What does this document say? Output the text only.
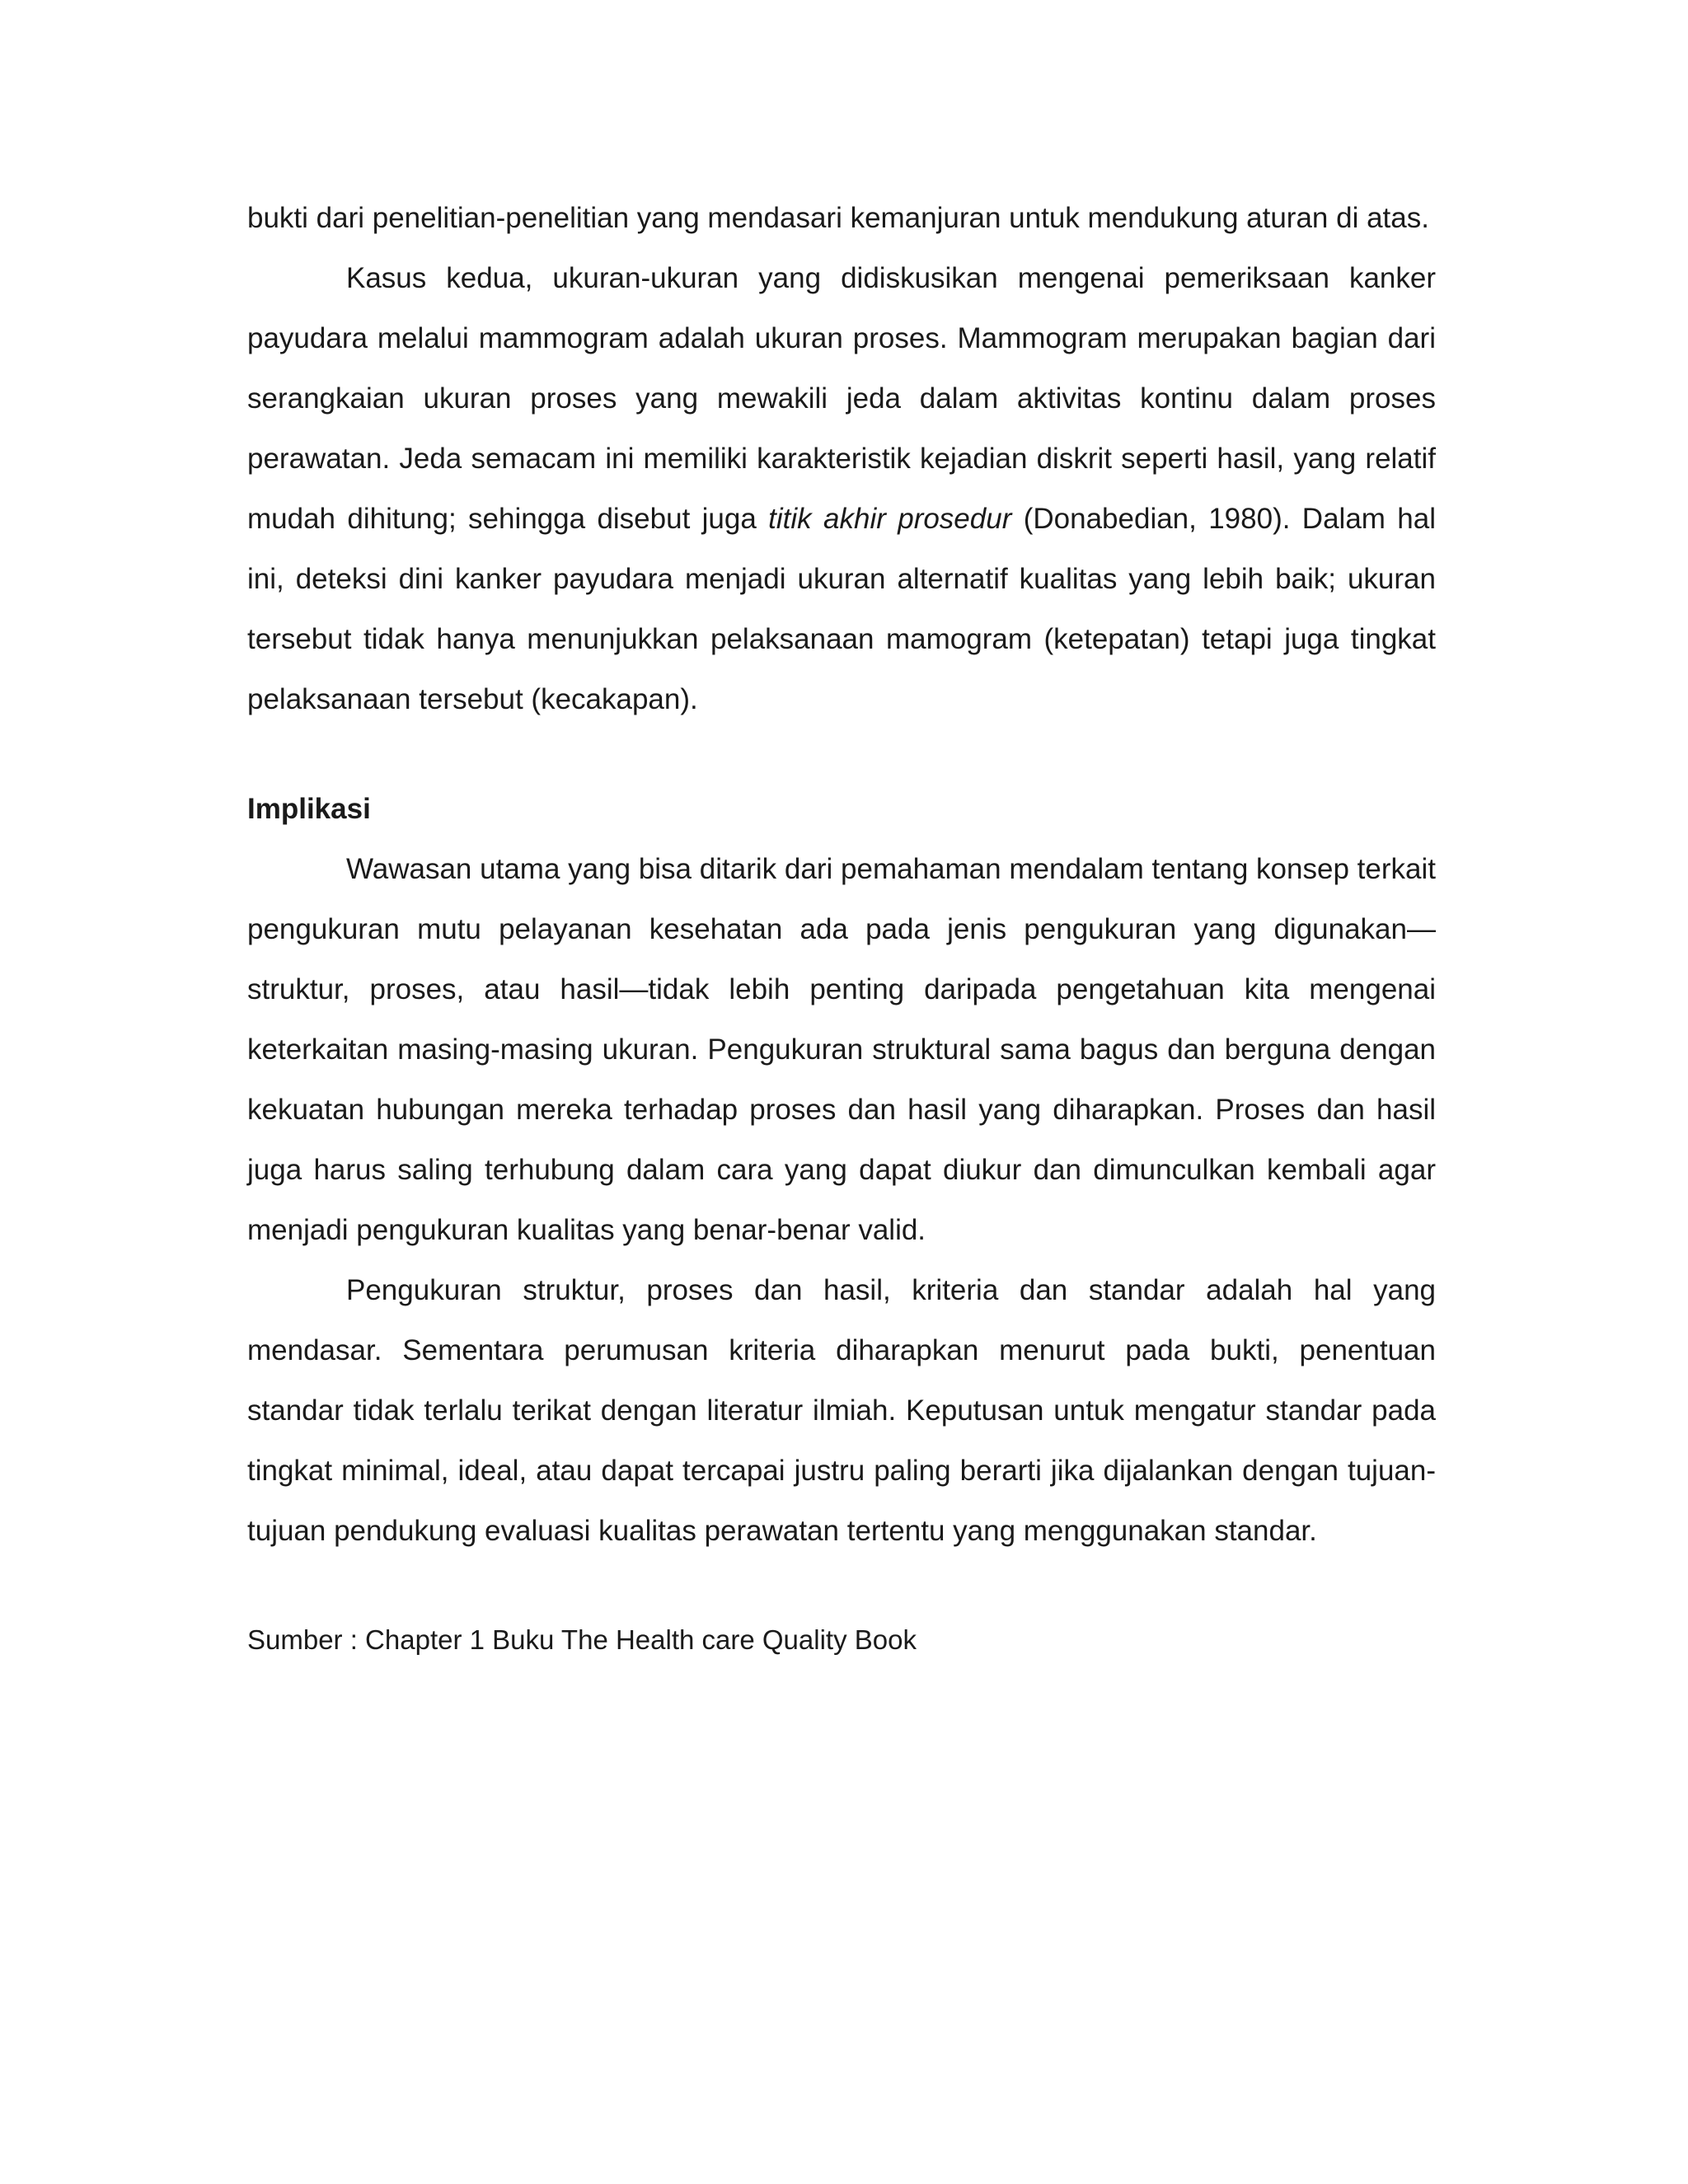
bukti dari penelitian-penelitian yang mendasari kemanjuran untuk mendukung aturan di atas.

Kasus kedua, ukuran-ukuran yang didiskusikan mengenai pemeriksaan kanker payudara melalui mammogram adalah ukuran proses. Mammogram merupakan bagian dari serangkaian ukuran proses yang mewakili jeda dalam aktivitas kontinu dalam proses perawatan. Jeda semacam ini memiliki karakteristik kejadian diskrit seperti hasil, yang relatif mudah dihitung; sehingga disebut juga titik akhir prosedur (Donabedian, 1980). Dalam hal ini, deteksi dini kanker payudara menjadi ukuran alternatif kualitas yang lebih baik; ukuran tersebut tidak hanya menunjukkan pelaksanaan mamogram (ketepatan) tetapi juga tingkat pelaksanaan tersebut (kecakapan).

Implikasi

Wawasan utama yang bisa ditarik dari pemahaman mendalam tentang konsep terkait pengukuran mutu pelayanan kesehatan ada pada jenis pengukuran yang digunakan—struktur, proses, atau hasil—tidak lebih penting daripada pengetahuan kita mengenai keterkaitan masing-masing ukuran. Pengukuran struktural sama bagus dan berguna dengan kekuatan hubungan mereka terhadap proses dan hasil yang diharapkan. Proses dan hasil juga harus saling terhubung dalam cara yang dapat diukur dan dimunculkan kembali agar menjadi pengukuran kualitas yang benar-benar valid.

Pengukuran struktur, proses dan hasil, kriteria dan standar adalah hal yang mendasar. Sementara perumusan kriteria diharapkan menurut pada bukti, penentuan standar tidak terlalu terikat dengan literatur ilmiah. Keputusan untuk mengatur standar pada tingkat minimal, ideal, atau dapat tercapai justru paling berarti jika dijalankan dengan tujuan-tujuan pendukung evaluasi kualitas perawatan tertentu yang menggunakan standar.

Sumber : Chapter 1 Buku The Health care Quality Book
